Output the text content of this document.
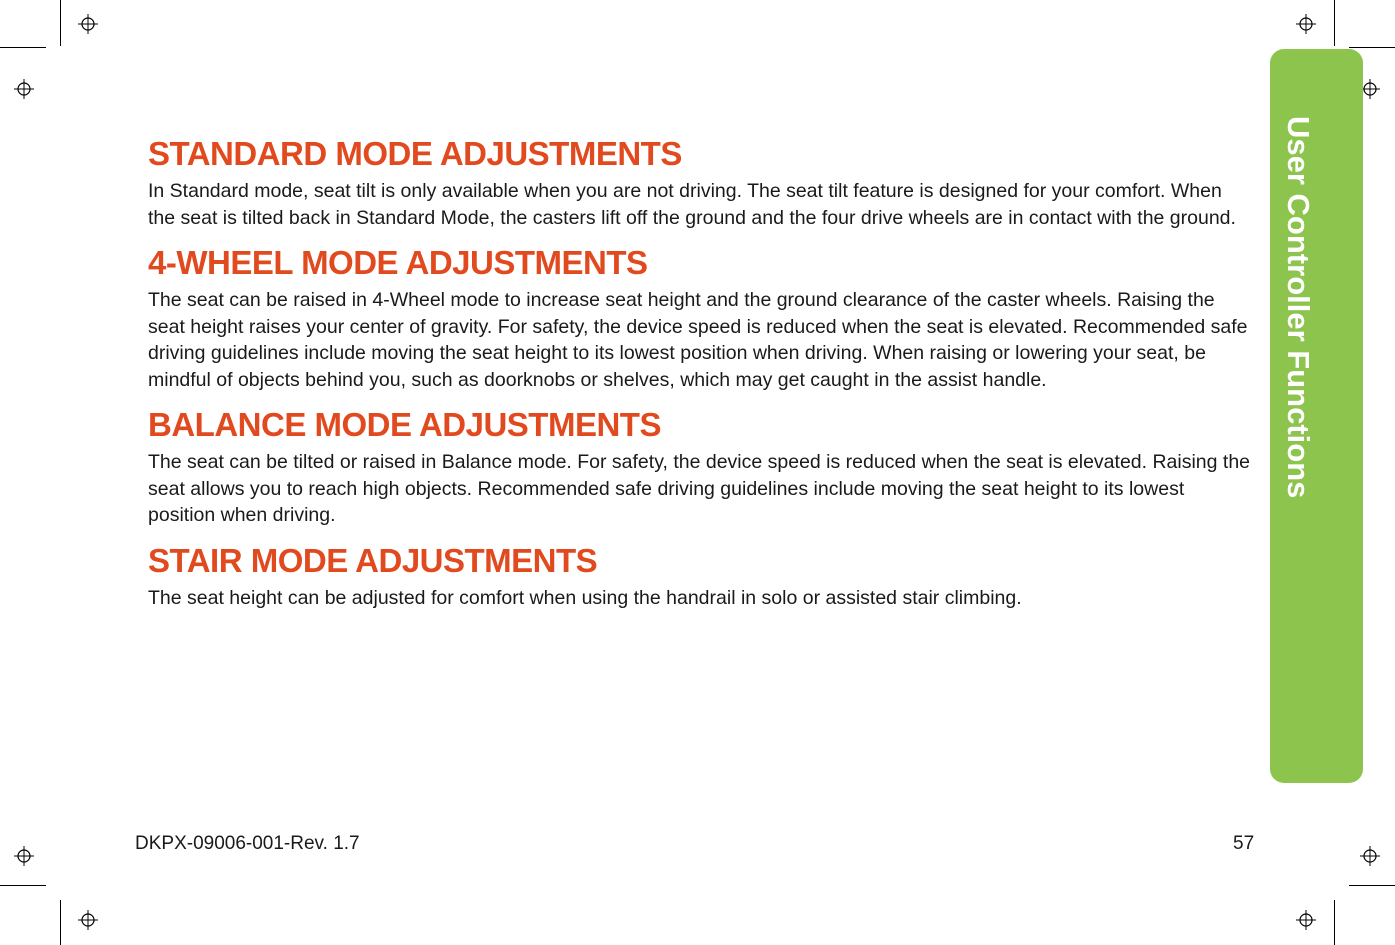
User Controller Functions
STANDARD MODE ADJUSTMENTS

In Standard mode, seat tilt is only available when you are not driving. The seat tilt feature is designed for your comfort. When the seat is tilted back in Standard Mode, the casters lift off the ground and the four drive wheels are in contact with the ground.

4-WHEEL MODE ADJUSTMENTS

The seat can be raised in 4-Wheel mode to increase seat height and the ground clearance of the caster wheels. Raising the seat height raises your center of gravity. For safety, the device speed is reduced when the seat is elevated. Recommended safe driving guidelines include moving the seat height to its lowest position when driving. When raising or lowering your seat, be mindful of objects behind you, such as doorknobs or shelves, which may get caught in the assist handle.

BALANCE MODE ADJUSTMENTS

The seat can be tilted or raised in Balance mode. For safety, the device speed is reduced when the seat is elevated. Raising the seat allows you to reach high objects. Recommended safe driving guidelines include moving the seat height to its lowest position when driving.

STAIR MODE ADJUSTMENTS

The seat height can be adjusted for comfort when using the handrail in solo or assisted stair climbing.

DKPX-09006-001-Rev. 1.7	57
